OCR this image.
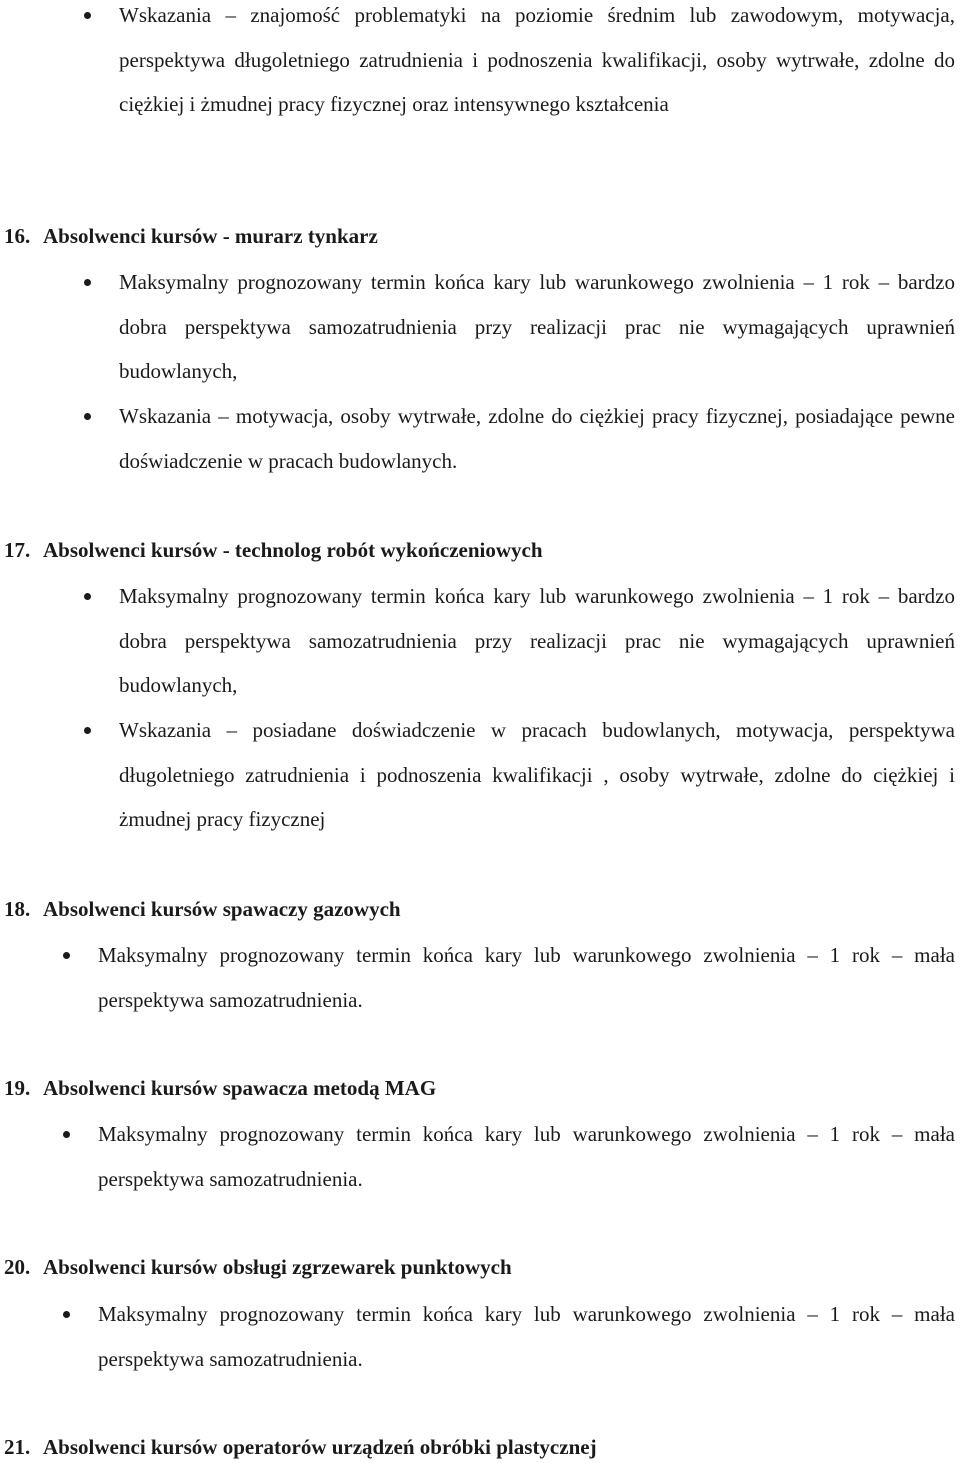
Wskazania – znajomość problematyki na poziomie średnim lub zawodowym, motywacja, perspektywa długoletniego zatrudnienia i podnoszenia kwalifikacji, osoby wytrwałe, zdolne do ciężkiej i żmudnej pracy fizycznej oraz intensywnego kształcenia

16. Absolwenci kursów - murarz tynkarz

Maksymalny prognozowany termin końca kary lub warunkowego zwolnienia – 1 rok – bardzo dobra perspektywa samozatrudnienia przy realizacji prac nie wymagających uprawnień budowlanych,

Wskazania – motywacja, osoby wytrwałe, zdolne do ciężkiej pracy fizycznej, posiadające pewne doświadczenie w pracach budowlanych.

17. Absolwenci kursów - technolog robót wykończeniowych

Maksymalny prognozowany termin końca kary lub warunkowego zwolnienia – 1 rok – bardzo dobra perspektywa samozatrudnienia przy realizacji prac nie wymagających uprawnień budowlanych,

Wskazania – posiadane doświadczenie w pracach budowlanych, motywacja, perspektywa długoletniego zatrudnienia i podnoszenia kwalifikacji , osoby wytrwałe, zdolne do ciężkiej i żmudnej pracy fizycznej

18. Absolwenci kursów spawaczy gazowych

Maksymalny prognozowany termin końca kary lub warunkowego zwolnienia – 1 rok – mała perspektywa samozatrudnienia.

19. Absolwenci kursów spawacza metodą MAG

Maksymalny prognozowany termin końca kary lub warunkowego zwolnienia – 1 rok – mała perspektywa samozatrudnienia.

20. Absolwenci kursów obsługi zgrzewarek punktowych

Maksymalny prognozowany termin końca kary lub warunkowego zwolnienia – 1 rok – mała perspektywa samozatrudnienia.

21. Absolwenci kursów operatorów urządzeń obróbki plastycznej
